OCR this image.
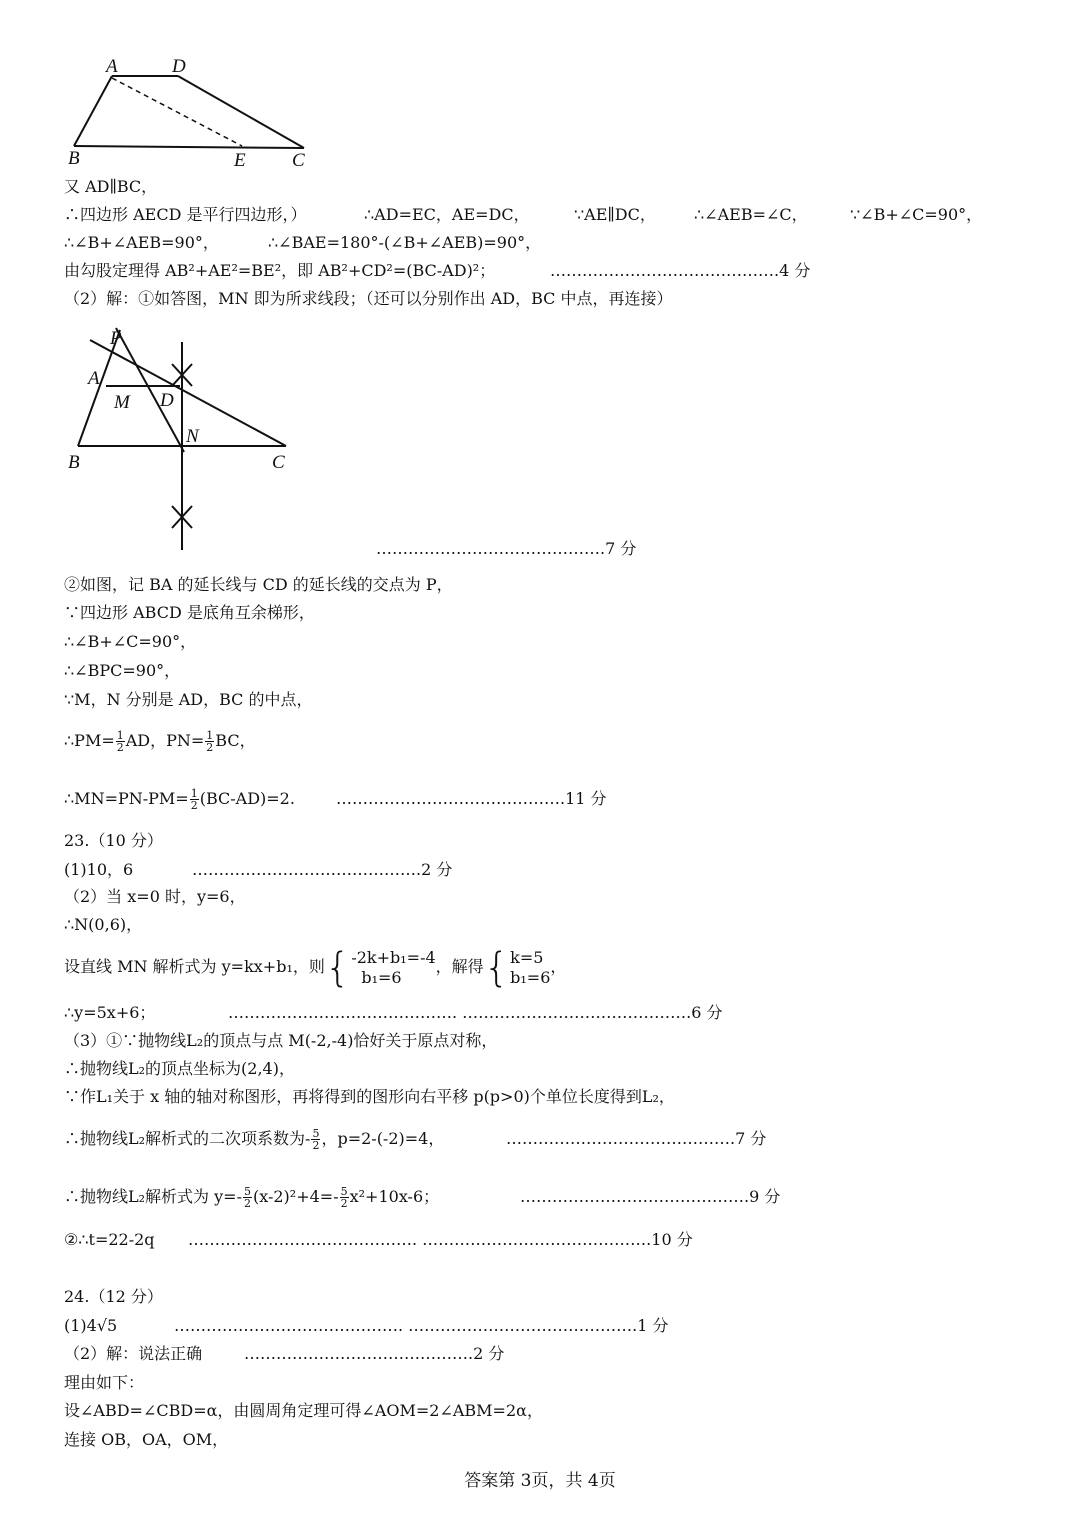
A	D
B	E C
又 AD∥BC，
∴四边形 AECD 是平行四边形，）	∴AD=EC，AE=DC，	∵AE∥DC， ∴∠AEB=∠C，	∵∠B+∠C=90°，
∴∠B+∠AEB=90°，	∴∠BAE=180°-(∠B+∠AEB)=90°，
由勾股定理得 AB²+AE²=BE²，即 AB²+CD²=(BC-AD)²；	…………………………………….4 分
（2）解：①如答图，MN 即为所求线段；（还可以分别作出 AD，BC 中点，再连接）
P
A
M D
N
B	C
…………………………………….7 分
②如图，记 BA 的延长线与 CD 的延长线的交点为 P，
∵四边形 ABCD 是底角互余梯形，
∴∠B+∠C=90°，
∴∠BPC=90°，
∵M，N 分别是 AD，BC 的中点，
∴PM= $\frac{1}{2}$ AD，$PN= \frac{1}{2}$ BC，
∴MN=PN-PM= $\frac{1}{2} (BC-AD)=2$.	…………………………………….11 分
23.（10 分）
(1)10，6	…………………………………….2 分
（2）当 x=0 时，y=6，
∴N(0,6)，
设直线 MN 解析式为 y=kx+b₁，则 { -2k+b₁=-4
b₁=6
，解得 { k=5
b₁=6
，
∴y=5x+6；	……………………………………. …………………………………….6 分
（3）①∵抛物线L₂的顶点与点 M(-2,-4)恰好关于原点对称，
∴抛物线L₂的顶点坐标为(2,4)，
∵作L₁关于 x 轴的轴对称图形，再将得到的图形向右平移 p(p>0)个单位长度得到L₂，
∴抛物线L₂解析式的二次项系数为- $\frac{5}{2}$ ，p=2-(-2)=4，	…………………………………….7 分
∴抛物线L₂解析式为 $y=- \frac{5}{2} (x-2)^2+4=- \frac{5}{2} x^2+10x-6$；	…………………………………….9 分
②∴t=22-2q ……………………………………. …………………………………….10 分
24.（12 分）
(1)4√5	……………………………………. …………………………………….1 分
（2）解：说法正确	…………………………………….2 分
理由如下：
设∠ABD=∠CBD=α，由圆周角定理可得∠AOM=2∠ABM=2α，
连接 OB，OA，OM，
答案第 3页，共 4页
